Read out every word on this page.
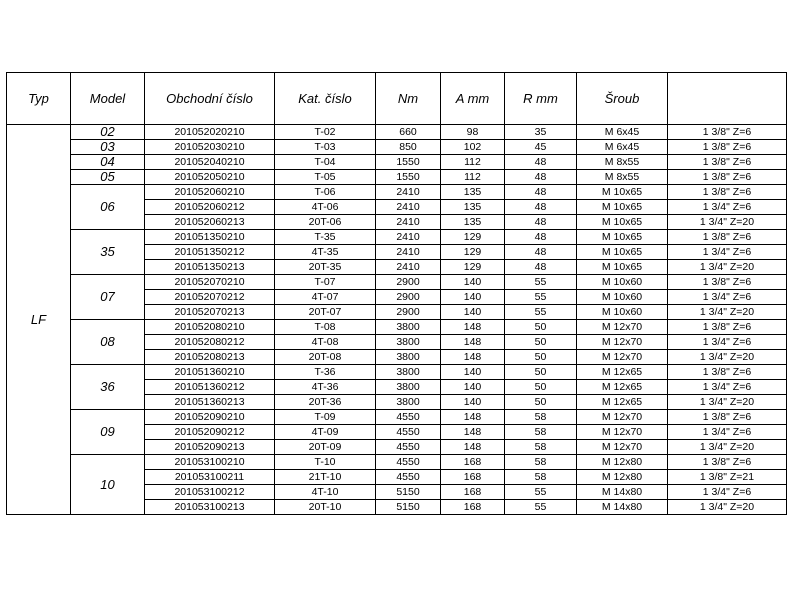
Typ	Model	Obchodní číslo	Kat. číslo	Nm	A mm	R mm	Šroub	
LF	02	201052020210	T-02	660	98	35	M 6x45	1 3/8" Z=6
	03	201052030210	T-03	850	102	45	M 6x45	1 3/8" Z=6
	04	201052040210	T-04	1550	112	48	M 8x55	1 3/8" Z=6
	05	201052050210	T-05	1550	112	48	M 8x55	1 3/8" Z=6
	06	201052060210	T-06	2410	135	48	M 10x65	1 3/8" Z=6
		201052060212	4T-06	2410	135	48	M 10x65	1 3/4" Z=6
		201052060213	20T-06	2410	135	48	M 10x65	1 3/4" Z=20
	35	201051350210	T-35	2410	129	48	M 10x65	1 3/8" Z=6
		201051350212	4T-35	2410	129	48	M 10x65	1 3/4" Z=6
		201051350213	20T-35	2410	129	48	M 10x65	1 3/4" Z=20
	07	201052070210	T-07	2900	140	55	M 10x60	1 3/8" Z=6
		201052070212	4T-07	2900	140	55	M 10x60	1 3/4" Z=6
		201052070213	20T-07	2900	140	55	M 10x60	1 3/4" Z=20
	08	201052080210	T-08	3800	148	50	M 12x70	1 3/8" Z=6
		201052080212	4T-08	3800	148	50	M 12x70	1 3/4" Z=6
		201052080213	20T-08	3800	148	50	M 12x70	1 3/4" Z=20
	36	201051360210	T-36	3800	140	50	M 12x65	1 3/8" Z=6
		201051360212	4T-36	3800	140	50	M 12x65	1 3/4" Z=6
		201051360213	20T-36	3800	140	50	M 12x65	1 3/4" Z=20
	09	201052090210	T-09	4550	148	58	M 12x70	1 3/8" Z=6
		201052090212	4T-09	4550	148	58	M 12x70	1 3/4" Z=6
		201052090213	20T-09	4550	148	58	M 12x70	1 3/4" Z=20
	10	201053100210	T-10	4550	168	58	M 12x80	1 3/8" Z=6
		201053100211	21T-10	4550	168	58	M 12x80	1 3/8" Z=21
		201053100212	4T-10	5150	168	55	M 14x80	1 3/4" Z=6
		201053100213	20T-10	5150	168	55	M 14x80	1 3/4" Z=20
